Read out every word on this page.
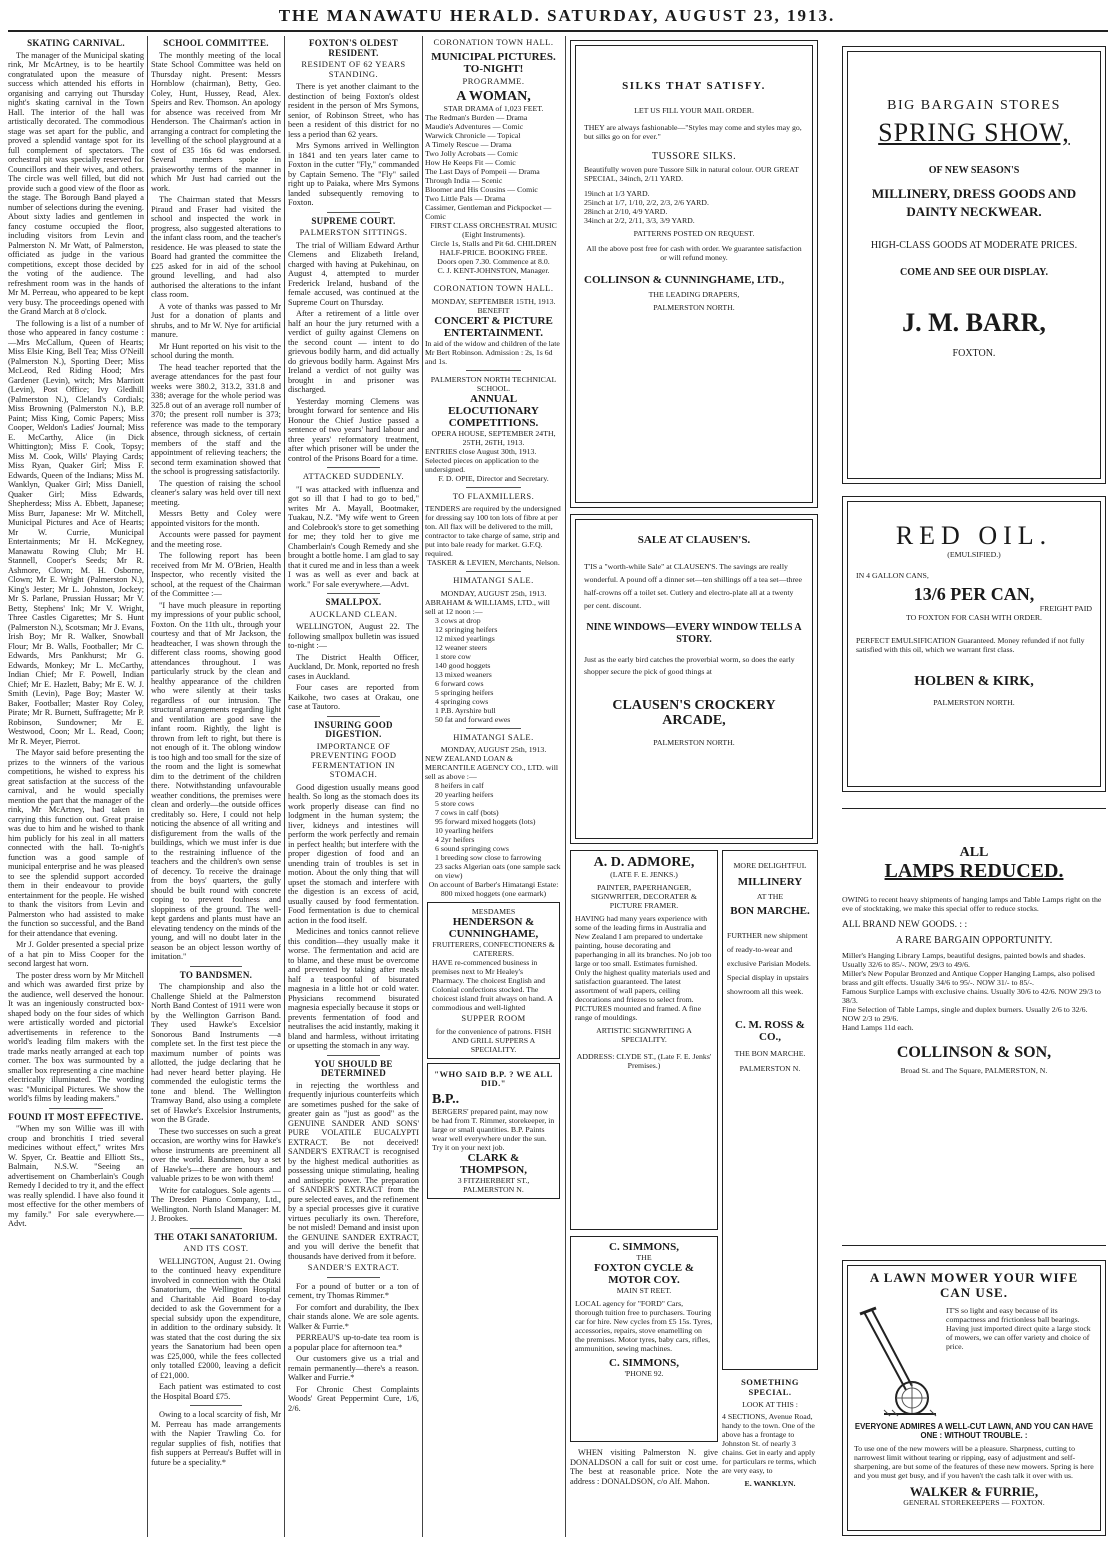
THE MANAWATU HERALD. SATURDAY, AUGUST 23, 1913.
SKATING CARNIVAL.

The manager of the Municipal skating rink, Mr McArtney, is to be heartily congratulated upon the measure of success which attended his efforts in organising and carrying out Thursday night's skating carnival in the Town Hall. The interior of the hall was artistically decorated. The commodious stage was set apart for the public, and proved a splendid vantage spot for its full complement of spectators. The orchestral pit was specially reserved for Councillors and their wives, and others. The circle was well filled, but did not provide such a good view of the floor as the stage. The Borough Band played a number of selections during the evening. About sixty ladies and gentlemen in fancy costume occupied the floor, including visitors from Levin and Palmerston N. Mr Watt, of Palmerston, officiated as judge in the various competitions, except those decided by the voting of the audience. The refreshment room was in the hands of Mr M. Perreau, who appeared to be kept very busy. The proceedings opened with the Grand March at 8 o'clock.

The following is a list of a number of those who appeared in fancy costume :—Mrs McCallum, Queen of Hearts; Miss Elsie King, Bell Tea; Miss O'Neill (Palmerston N.), Sporting Deer; Miss McLeod, Red Riding Hood; Mrs Gardener (Levin), witch; Mrs Marriott (Levin), Post Office; Ivy Gledhill (Palmerston N.), Cleland's Cordials; Miss Browning (Palmerston N.), B.P. Paint; Miss King, Comic Papers; Miss Cooper, Weldon's Ladies' Journal; Miss E. McCarthy, Alice (in Dick Whittington); Miss F. Cook, Topsy; Miss M. Cook, Wills' Playing Cards; Miss Ryan, Quaker Girl; Miss F. Edwards, Queen of the Indians; Miss M. Wanklyn, Quaker Girl; Miss Daniell, Quaker Girl; Miss Edwards, Shepherdess; Miss A. Ebbett, Japanese; Miss Burr, Japanese: Mr W. Mitchell, Municipal Pictures and Ace of Hearts; Mr W. Currie, Municipal Entertainments; Mr H. McKegney, Manawatu Rowing Club; Mr H. Stannell, Cooper's Seeds; Mr R. Ashmore, Clown; M. H. Osborne, Clown; Mr E. Wright (Palmerston N.), King's Jester; Mr L. Johnston, Jockey; Mr S. Parlane, Prussian Hussar; Mr V. Betty, Stephens' Ink; Mr V. Wright, Three Castles Cigarettes; Mr S. Hunt (Palmerston N.), Scotsman; Mr J. Evans, Irish Boy; Mr R. Walker, Snowball Flour; Mr B. Walls, Footballer; Mr C. Edwards, Mrs Pankhurst; Mr G. Edwards, Monkey; Mr L. McCarthy, Indian Chief; Mr F. Powell, Indian Chief; Mr E. Hazlett, Baby; Mr E. W. J. Smith (Levin), Page Boy; Master W. Baker, Footballer; Master Roy Coley, Pirate; Mr R. Burnett, Suffragette; Mr P. Robinson, Sundowner; Mr E. Westwood, Coon; Mr L. Read, Coon; Mr R. Meyer, Pierrot.

The Mayor said before presenting the prizes to the winners of the various competitions, he wished to express his great satisfaction at the success of the carnival, and he would specially mention the part that the manager of the rink, Mr McArtney, had taken in carrying this function out. Great praise was due to him and he wished to thank him publicly for his zeal in all matters connected with the hall. To-night's function was a good sample of municipal enterprise and he was pleased to see the splendid support accorded them in their endeavour to provide entertainment for the people. He wished to thank the visitors from Levin and Palmerston who had assisted to make the function so successful, and the Band for their attendance that evening.

Mr J. Golder presented a special prize of a hat pin to Miss Cooper for the second largest hat worn.

The poster dress worn by Mr Mitchell and which was awarded first prize by the audience, well deserved the honour. It was an ingeniously constructed box-shaped body on the four sides of which were artistically worded and pictorial advertisements in reference to the world's leading film makers with the trade marks neatly arranged at each top corner. The box was surmounted by a smaller box representing a cine machine electrically illuminated. The wording was: "Municipal Pictures. We show the world's films by leading makers."

FOUND IT MOST EFFECTIVE.

"When my son Willie was ill with croup and bronchitis I tried several medicines without effect," writes Mrs W. Spyer, Cr. Beattie and Elliott Sts., Balmain, N.S.W. "Seeing an advertisement on Chamberlain's Cough Remedy I decided to try it, and the effect was really splendid. I have also found it most effective for the other members of my family." For sale everywhere.—Advt.

SCHOOL COMMITTEE.

The monthly meeting of the local State School Committee was held on Thursday night. Present: Messrs Hornblow (chairman), Betty, Geo. Coley, Hunt, Hussey, Read, Alex. Speirs and Rev. Thomson. An apology for absence was received from Mr Henderson. The Chairman's action in arranging a contract for completing the levelling of the school playground at a cost of £35 16s 6d was endorsed. Several members spoke in praiseworthy terms of the manner in which Mr Just had carried out the work.

The Chairman stated that Messrs Piraud and Fraser had visited the school and inspected the work in progress, also suggested alterations to the infant class room, and the teacher's residence. He was pleased to state the Board had granted the committee the £25 asked for in aid of the school ground levelling, and had also authorised the alterations to the infant class room.

A vote of thanks was passed to Mr Just for a donation of plants and shrubs, and to Mr W. Nye for artificial manure.

Mr Hunt reported on his visit to the school during the month.

The head teacher reported that the average attendances for the past four weeks were 380.2, 313.2, 331.8 and 338; average for the whole period was 325.8 out of an average roll number of 370; the present roll number is 373; reference was made to the temporary absence, through sickness, of certain members of the staff and the appointment of relieving teachers; the second term examination showed that the school is progressing satisfactorily.

The question of raising the school cleaner's salary was held over till next meeting.

Messrs Betty and Coley were appointed visitors for the month.

Accounts were passed for payment and the meeting rose.

The following report has been received from Mr M. O'Brien, Health Inspector, who recently visited the school, at the request of the Chairman of the Committee :—

"I have much pleasure in reporting my impressions of your public school, Foxton. On the 11th ult., through your courtesy and that of Mr Jackson, the headteacher, I was shown through the different class rooms, showing good attendances throughout. I was particularly struck by the clean and healthy appearance of the children who were silently at their tasks regardless of our intrusion. The structural arrangements regarding light and ventilation are good save the infant room. Rightly, the light is thrown from left to right, but there is not enough of it. The oblong window is too high and too small for the size of the room and the light is somewhat dim to the detriment of the children there. Notwithstanding unfavourable weather conditions, the premises were clean and orderly—the outside offices creditably so. Here, I could not help noticing the absence of all writing and disfigurement from the walls of the buildings, which we must infer is due to the restraining influence of the teachers and the children's own sense of decency. To receive the drainage from the boys' quarters, the gully should be built round with concrete coping to prevent foulness and sloppiness of the ground. The well-kept gardens and plants must have an elevating tendency on the minds of the young, and will no doubt later in the season be an object lesson worthy of imitation."

TO BANDSMEN.

The championship and also the Challenge Shield at the Palmerston North Band Contest of 1911 were won by the Wellington Garrison Band. They used Hawke's Excelsior Sonorous Band Instruments —a complete set. In the first test piece the maximum number of points was allotted, the judge declaring that he had never heard better playing. He commended the eulogistic terms the tone and blend. The Wellington Tramway Band, also using a complete set of Hawke's Excelsior Instruments, won the B Grade.

These two successes on such a great occasion, are worthy wins for Hawke's whose instruments are preeminent all over the world. Bandsmen, buy a set of Hawke's—there are honours and valuable prizes to be won with them!

Write for catalogues. Sole agents —The Dresden Piano Company, Ltd., Wellington. North Island Manager: M. J. Brookes.

THE OTAKI SANATORIUM.
AND ITS COST.

WELLINGTON, August 21. Owing to the continued heavy expenditure involved in connection with the Otaki Sanatorium, the Wellington Hospital and Charitable Aid Board to-day decided to ask the Government for a special subsidy upon the expenditure, in addition to the ordinary subsidy. It was stated that the cost during the six years the Sanatorium had been open was £25,000, while the fees collected only totalled £2000, leaving a deficit of £21,000.

Each patient was estimated to cost the Hospital Board £75.

Owing to a local scarcity of fish, Mr M. Perreau has made arrangements with the Napier Trawling Co. for regular supplies of fish, notifies that fish suppers at Perreau's Buffet will in future be a speciality.*

FOXTON'S OLDEST RESIDENT.
RESIDENT OF 62 YEARS STANDING.

There is yet another claimant to the destinction of being Foxton's oldest resident in the person of Mrs Symons, senior, of Robinson Street, who has been a resident of this district for no less a period than 62 years.

Mrs Symons arrived in Wellington in 1841 and ten years later came to Foxton in the cutter "Fly," commanded by Captain Semeno. The "Fly" sailed right up to Paiaka, where Mrs Symons landed subsequently removing to Foxton.

SUPREME COURT.
PALMERSTON SITTINGS.

The trial of William Edward Arthur Clemens and Elizabeth Ireland, charged with having at Pukehinau, on August 4, attempted to murder Frederick Ireland, husband of the female accused, was continued at the Supreme Court on Thursday.

After a retirement of a little over half an hour the jury returned with a verdict of guilty against Clemens on the second count — intent to do grievous bodily harm, and did actually do grievous bodily harm. Against Mrs Ireland a verdict of not guilty was brought in and prisoner was discharged.

Yesterday morning Clemens was brought forward for sentence and His Honour the Chief Justice passed a sentence of two years' hard labour and three years' reformatory treatment, after which prisoner will be under the control of the Prisons Board for a time.

ATTACKED SUDDENLY.

"I was attacked with influenza and got so ill that I had to go to bed," writes Mr A. Mayall, Bootmaker, Tuakau, N.Z. "My wife went to Green and Colebrook's store to get something for me; they told her to give me Chamberlain's Cough Remedy and she brought a bottle home. I am glad to say that it cured me and in less than a week I was as well as ever and back at work." For sale everywhere.—Advt.

SMALLPOX.
AUCKLAND CLEAN.

WELLINGTON, August 22. The following smallpox bulletin was issued to-night :—

The District Health Officer, Auckland, Dr. Monk, reported no fresh cases in Auckland.

Four cases are reported from Kaikohe, two cases at Orakau, one case at Tautoro.

INSURING GOOD DIGESTION.
IMPORTANCE OF PREVENTING FOOD FERMENTATION IN STOMACH.

Good digestion usually means good health. So long as the stomach does its work properly disease can find no lodgment in the human system; the liver, kidneys and intestines will perform the work perfectly and remain in perfect health; but interfere with the proper digestion of food and an unending train of troubles is set in motion. About the only thing that will upset the stomach and interfere with the digestion is an excess of acid, usually caused by food fermentation. Food fermentation is due to chemical action in the food itself.

Medicines and tonics cannot relieve this condition—they usually make it worse. The fermentation and acid are to blame, and these must be overcome and prevented by taking after meals half a teaspoonful of bisurated magnesia in a little hot or cold water. Physicians recommend bisurated magnesia especially because it stops or prevents fermentation of food and neutralises the acid instantly, making it bland and harmless, without irritating or upsetting the stomach in any way.

YOU SHOULD BE DETERMINED

in rejecting the worthless and frequently injurious counterfeits which are sometimes pushed for the sake of greater gain as "just as good" as the GENUINE SANDER AND SONS' PURE VOLATILE EUCALYPTI EXTRACT. Be not deceived! SANDER'S EXTRACT is recognised by the highest medical authorities as possessing unique stimulating, healing and antiseptic power. The preparation of SANDER'S EXTRACT from the pure selected eaves, and the refinement by a special processes give it curative virtues peculiarly its own. Therefore, be not misled! Demand and insist upon the GENUINE SANDER EXTRACT, and you will derive the benefit that thousands have derived from it before.

SANDER'S EXTRACT.

For a pound of butter or a ton of cement, try Thomas Rimmer.*

For comfort and durability, the Ibex chair stands alone. We are sole agents. Walker & Furrie.*

PERREAU'S up-to-date tea room is a popular place for afternoon tea.*

Our customers give us a trial and remain permanently—there's a reason. Walker and Furrie.*

For Chronic Chest Complaints Woods' Great Peppermint Cure, 1/6, 2/6.

CORONATION TOWN HALL.
MUNICIPAL PICTURES. TO-NIGHT!
PROGRAMME.
A WOMAN,
STAR DRAMA of 1,023 FEET.
The Redman's Burden — Drama
Maudie's Adventures — Comic
Warwick Chronicle — Topical
A Timely Rescue — Drama
Two Jolly Acrobats — Comic
How He Keeps Fit — Comic
The Last Days of Pompeii — Drama
Through India — Scenic
Bloomer and His Cousins — Comic
Two Little Pals — Drama
Cassimer, Gentleman and Pickpocket — Comic
FIRST CLASS ORCHESTRAL MUSIC (Eight Instruments).
Circle 1s, Stalls and Pit 6d. CHILDREN HALF-PRICE. BOOKING FREE.
Doors open 7.30. Commence at 8.0.
C. J. KENT-JOHNSTON, Manager.
CORONATION TOWN HALL.
MONDAY, SEPTEMBER 15TH, 1913.
BENEFIT
CONCERT & PICTURE ENTERTAINMENT.
In aid of the widow and children of the late Mr Bert Robinson. Admission : 2s, 1s 6d and 1s.
PALMERSTON NORTH TECHNICAL SCHOOL.
ANNUAL ELOCUTIONARY COMPETITIONS.
OPERA HOUSE, SEPTEMBER 24TH, 25TH, 26TH, 1913.
ENTRIES close August 30th, 1913. Selected pieces on application to the undersigned.
F. D. OPIE, Director and Secretary.
TO FLAXMILLERS.
TENDERS are required by the undersigned for dressing say 100 ton lots of fibre at per ton. All flax will be delivered to the mill, contractor to take charge of same, strip and put into bale ready for market. G.F.Q. required.
TASKER & LEVIEN, Merchants, Nelson.
HIMATANGI SALE.
MONDAY, AUGUST 25th, 1913.
ABRAHAM & WILLIAMS, LTD., will sell at 12 noon :—
3 cows at drop
12 springing heifers
12 mixed yearlings
12 weaner steers
1 store cow
140 good hoggets
13 mixed weaners
6 forward cows
5 springing heifers
4 springing cows
1 P.B. Ayrshire bull
50 fat and forward ewes
HIMATANGI SALE.
MONDAY, AUGUST 25th, 1913.
NEW ZEALAND LOAN & MERCANTILE AGENCY CO., LTD. will sell as above :—
8 heifers in calf
20 yearling heifers
5 store cows
7 cows in calf (bots)
95 forward mixed hoggets (lots)
10 yearling heifers
4 2yr heifers
6 sound springing cows
1 breeding sow close to farrowing
23 sacks Algerian oats (one sample sack on view)
On account of Barber's Himatangi Estate: 800 mixed hoggets (one earmark)
MESDAMES
HENDERSON & CUNNINGHAME,
FRUITERERS, CONFECTIONERS & CATERERS.
HAVE re-commenced business in premises next to Mr Healey's Pharmacy. The choicest English and Colonial confections stocked. The choicest island fruit always on hand. A commodious and well-lighted
SUPPER ROOM
for the convenience of patrons. FISH AND GRILL SUPPERS A SPECIALITY.
"WHO SAID B.P. ? WE ALL DID."
B.P..
BERGERS' prepared paint, may now be had from T. Rimmer, storekeeper, in large or small quantities. B.P. Paints wear well everywhere under the sun. Try it on your next job.
CLARK &
THOMPSON,
3 FITZHERBERT ST.,
PALMERSTON N.
SILKS THAT SATISFY.
LET US FILL YOUR MAIL ORDER.
THEY are always fashionable—"Styles may come and styles may go, but silks go on for ever."
TUSSORE SILKS.
Beautifully woven pure Tussore Silk in natural colour. OUR GREAT SPECIAL, 34inch, 2/11 YARD.
19inch at 1/3 YARD.
25inch at 1/7, 1/10, 2/2, 2/3, 2/6 YARD.
28inch at 2/10, 4/9 YARD.
34inch at 2/2, 2/11, 3/3, 3/9 YARD.
PATTERNS POSTED ON REQUEST.
All the above post free for cash with order. We guarantee satisfaction or will refund money.
COLLINSON & CUNNINGHAME, LTD.,
THE LEADING DRAPERS,
PALMERSTON NORTH.
SALE AT CLAUSEN'S.
T'IS a "worth-while Sale" at CLAUSEN'S. The savings are really wonderful. A pound off a dinner set—ten shillings off a tea set—three half-crowns off a toilet set. Cutlery and electro-plate all at a twenty per cent. discount.
NINE WINDOWS—EVERY WINDOW TELLS A STORY.
Just as the early bird catches the proverbial worm, so does the early shopper secure the pick of good things at
CLAUSEN'S CROCKERY ARCADE,
PALMERSTON NORTH.
A. D. ADMORE,
(LATE F. E. JENKS.)
PAINTER, PAPERHANGER, SIGNWRITER, DECORATER & PICTURE FRAMER.
HAVING had many years experience with some of the leading firms in Australia and New Zealand I am prepared to undertake painting, house decorating and paperhanging in all its branches. No job too large or too small. Estimates furnished. Only the highest quality materials used and satisfaction guaranteed. The latest assortment of wall papers, ceiling decorations and friezes to select from. PICTURES mounted and framed. A fine range of mouldings.
ARTISTIC SIGNWRITING A SPECIALITY.
ADDRESS: CLYDE ST., (Late F. E. Jenks' Premises.)
C. SIMMONS,
THE
FOXTON CYCLE & MOTOR COY.
MAIN ST REET.
LOCAL agency for "FORD" Cars, thorough tuition free to purchasers. Touring car for hire. New cycles from £5 15s. Tyres, accessories, repairs, stove enamelling on the premises. Motor tyres, baby cars, rifles, ammunition, sewing machines.
C. SIMMONS,
'PHONE 92.

WHEN visiting Palmerston N. give DONALDSON a call for suit or cost ume. The best at reasonable price. Note the address : DONALDSON, c/o Alf. Mahon.

MORE DELIGHTFUL
MILLINERY
AT THE
BON MARCHE.
FURTHER new shipment of ready-to-wear and exclusive Parisian Models. Special display in upstairs showroom all this week.
C. M. ROSS & CO.,
THE BON MARCHE.
PALMERSTON N.
SOMETHING SPECIAL.
LOOK AT THIS :
4 SECTIONS, Avenue Road, handy to the town. One of the above has a frontage to Johnston St. of nearly 3 chains. Get in early and apply for particulars re terms, which are very easy, to
E. WANKLYN.
BIG BARGAIN STORES
SPRING SHOW,
OF NEW SEASON'S
MILLINERY, DRESS GOODS AND DAINTY NECKWEAR.
HIGH-CLASS GOODS AT MODERATE PRICES.
COME AND SEE OUR DISPLAY.
J. M. BARR,
FOXTON.
RED OIL.
(EMULSIFIED.)
IN 4 GALLON CANS,
13/6 PER CAN,
FREIGHT PAID
TO FOXTON FOR CASH WITH ORDER.
PERFECT EMULSIFICATION Guaranteed. Money refunded if not fully satisfied with this oil, which we warrant first class.
HOLBEN & KIRK,
PALMERSTON NORTH.
ALL
LAMPS REDUCED.
OWING to recent heavy shipments of hanging lamps and Table Lamps right on the eve of stocktaking, we make this special offer to reduce stocks.
ALL BRAND NEW GOODS. : :
A RARE BARGAIN OPPORTUNITY.
Miller's Hanging Library Lamps, beautiful designs, painted bowls and shades. Usually 32/6 to 85/-. NOW, 29/3 to 49/6.
Miller's New Popular Bronzed and Antique Copper Hanging Lamps, also polised brass and gilt effects. Usually 34/6 to 95/-. NOW 31/- to 85/-.
Famous Surplice Lamps with exclusive chains. Usually 30/6 to 42/6. NOW 29/3 to 38/3.
Fine Selection of Table Lamps, single and duplex burners. Usually 2/6 to 32/6. NOW 2/3 to 29/6.
Hand Lamps 11d each.
COLLINSON & SON,
Broad St. and The Square, PALMERSTON, N.
A LAWN MOWER YOUR WIFE CAN USE.
IT'S so light and easy because of its compactness and frictionless ball bearings. Having just imported direct quite a large stock of mowers, we can offer variety and choice of price.
EVERYONE ADMIRES A WELL-CUT LAWN, AND YOU CAN HAVE ONE : WITHOUT TROUBLE. :
To use one of the new mowers will be a pleasure. Sharpness, cutting to narrowest limit without tearing or ripping, easy of adjustment and self-sharpening, are but some of the features of these new mowers. Spring is here and you must get busy, and if you haven't the cash talk it over with us.
WALKER & FURRIE,
GENERAL STOREKEEPERS — FOXTON.
